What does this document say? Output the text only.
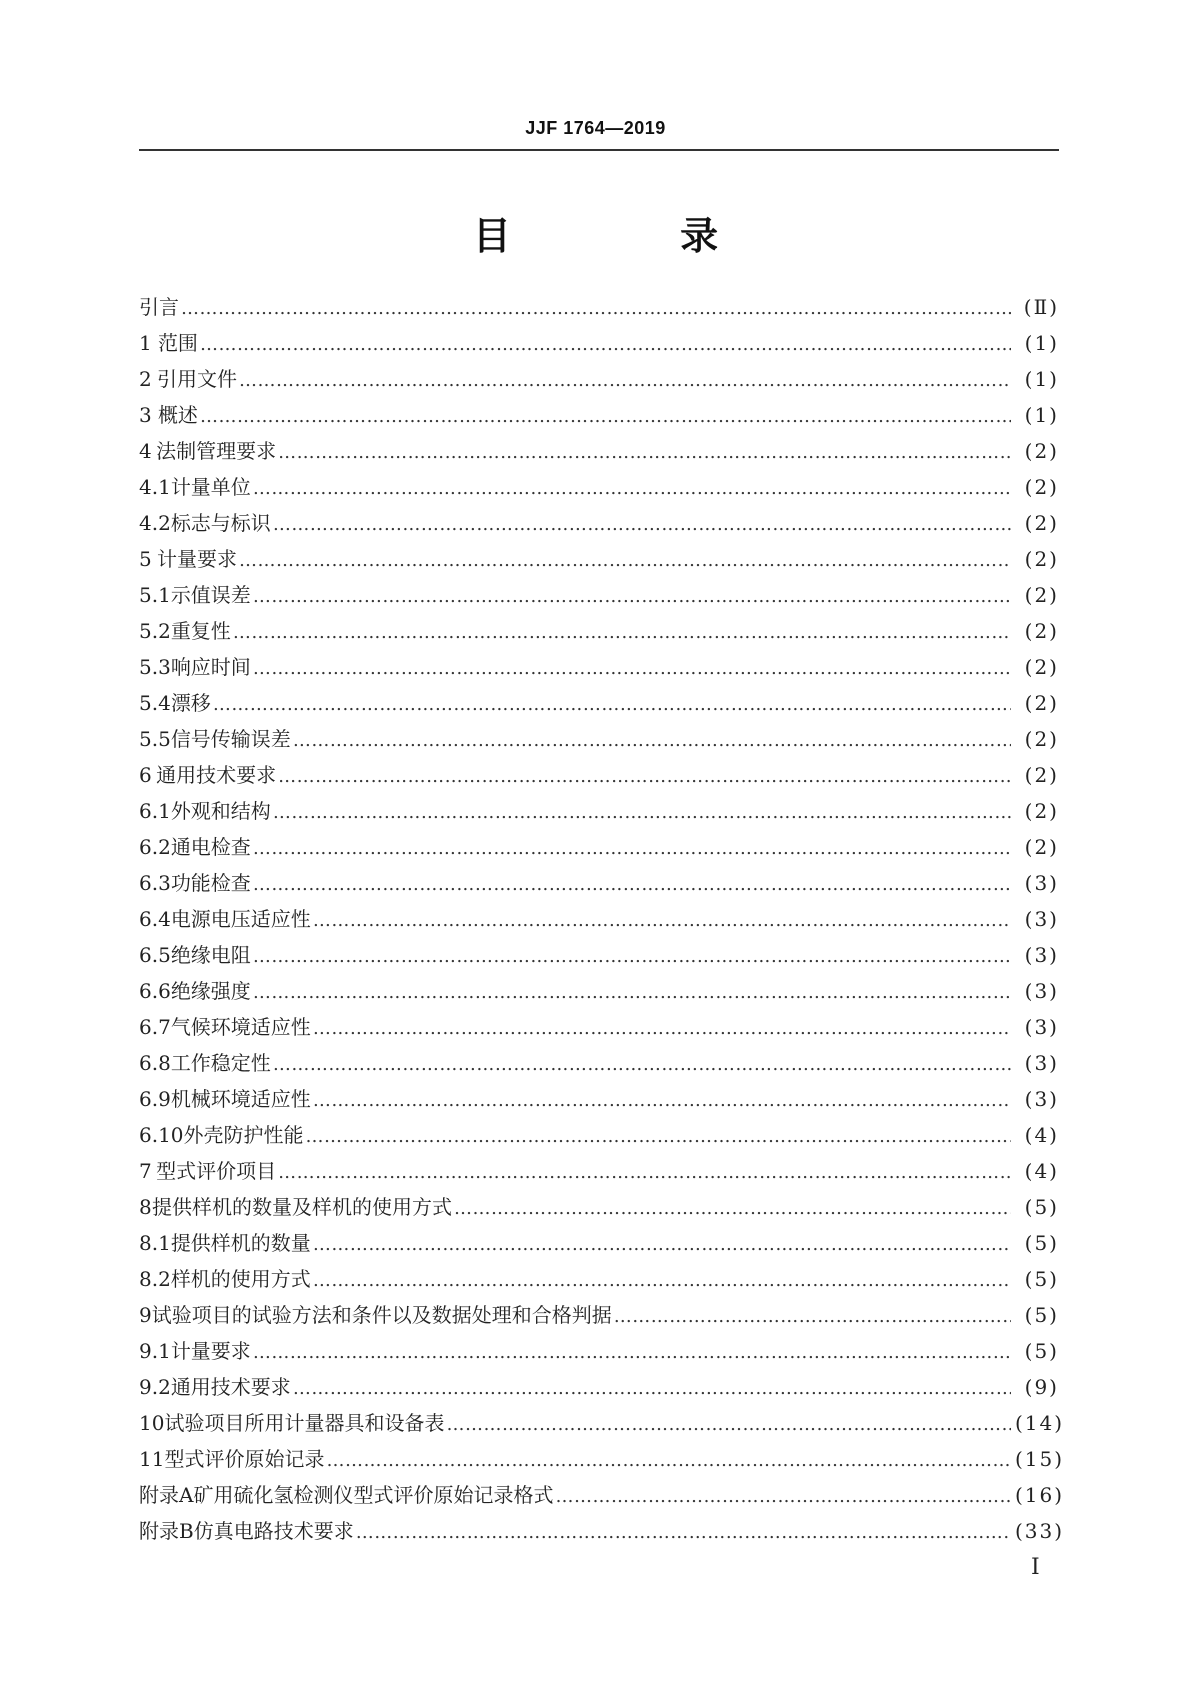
JJF 1764—2019
目 录
引言 …………………………………………………………………………………………………………………………………………………………………………………………………………………………………………	(Ⅱ)
1 范围 …………………………………………………………………………………………………………………………………………………………………………………………………………………………………………	(1)
2 引用文件 …………………………………………………………………………………………………………………………………………………………………………………………………………………………………………	(1)
3 概述 …………………………………………………………………………………………………………………………………………………………………………………………………………………………………………	(1)
4 法制管理要求 …………………………………………………………………………………………………………………………………………………………………………………………………………………………………………	(2)
4.1 计量单位 …………………………………………………………………………………………………………………………………………………………………………………………………………………………………………	(2)
4.2 标志与标识 …………………………………………………………………………………………………………………………………………………………………………………………………………………………………………	(2)
5 计量要求 …………………………………………………………………………………………………………………………………………………………………………………………………………………………………………	(2)
5.1 示值误差 …………………………………………………………………………………………………………………………………………………………………………………………………………………………………………	(2)
5.2 重复性 …………………………………………………………………………………………………………………………………………………………………………………………………………………………………………	(2)
5.3 响应时间 …………………………………………………………………………………………………………………………………………………………………………………………………………………………………………	(2)
5.4 漂移 …………………………………………………………………………………………………………………………………………………………………………………………………………………………………………	(2)
5.5 信号传输误差 …………………………………………………………………………………………………………………………………………………………………………………………………………………………………………	(2)
6 通用技术要求 …………………………………………………………………………………………………………………………………………………………………………………………………………………………………………	(2)
6.1 外观和结构 …………………………………………………………………………………………………………………………………………………………………………………………………………………………………………	(2)
6.2 通电检查 …………………………………………………………………………………………………………………………………………………………………………………………………………………………………………	(2)
6.3 功能检查 …………………………………………………………………………………………………………………………………………………………………………………………………………………………………………	(3)
6.4 电源电压适应性 …………………………………………………………………………………………………………………………………………………………………………………………………………………………………………	(3)
6.5 绝缘电阻 …………………………………………………………………………………………………………………………………………………………………………………………………………………………………………	(3)
6.6 绝缘强度 …………………………………………………………………………………………………………………………………………………………………………………………………………………………………………	(3)
6.7 气候环境适应性 …………………………………………………………………………………………………………………………………………………………………………………………………………………………………………	(3)
6.8 工作稳定性 …………………………………………………………………………………………………………………………………………………………………………………………………………………………………………	(3)
6.9 机械环境适应性 …………………………………………………………………………………………………………………………………………………………………………………………………………………………………………	(3)
6.10 外壳防护性能 …………………………………………………………………………………………………………………………………………………………………………………………………………………………………………	(4)
7 型式评价项目 …………………………………………………………………………………………………………………………………………………………………………………………………………………………………………	(4)
8 提供样机的数量及样机的使用方式 …………………………………………………………………………………………………………………………………………………………………………………………………………………………………………	(5)
8.1 提供样机的数量 …………………………………………………………………………………………………………………………………………………………………………………………………………………………………………	(5)
8.2 样机的使用方式 …………………………………………………………………………………………………………………………………………………………………………………………………………………………………………	(5)
9 试验项目的试验方法和条件以及数据处理和合格判据 …………………………………………………………………………………………………………………………………………………………………………………………………………………………………………	(5)
9.1 计量要求 …………………………………………………………………………………………………………………………………………………………………………………………………………………………………………	(5)
9.2 通用技术要求 …………………………………………………………………………………………………………………………………………………………………………………………………………………………………………	(9)
10 试验项目所用计量器具和设备表 …………………………………………………………………………………………………………………………………………………………………………………………………………………………………………	(14)
11 型式评价原始记录 …………………………………………………………………………………………………………………………………………………………………………………………………………………………………………	(15)
附录A 矿用硫化氢检测仪型式评价原始记录格式 …………………………………………………………………………………………………………………………………………………………………………………………………………………………………………	(16)
附录B 仿真电路技术要求 …………………………………………………………………………………………………………………………………………………………………………………………………………………………………………	(33)
I
